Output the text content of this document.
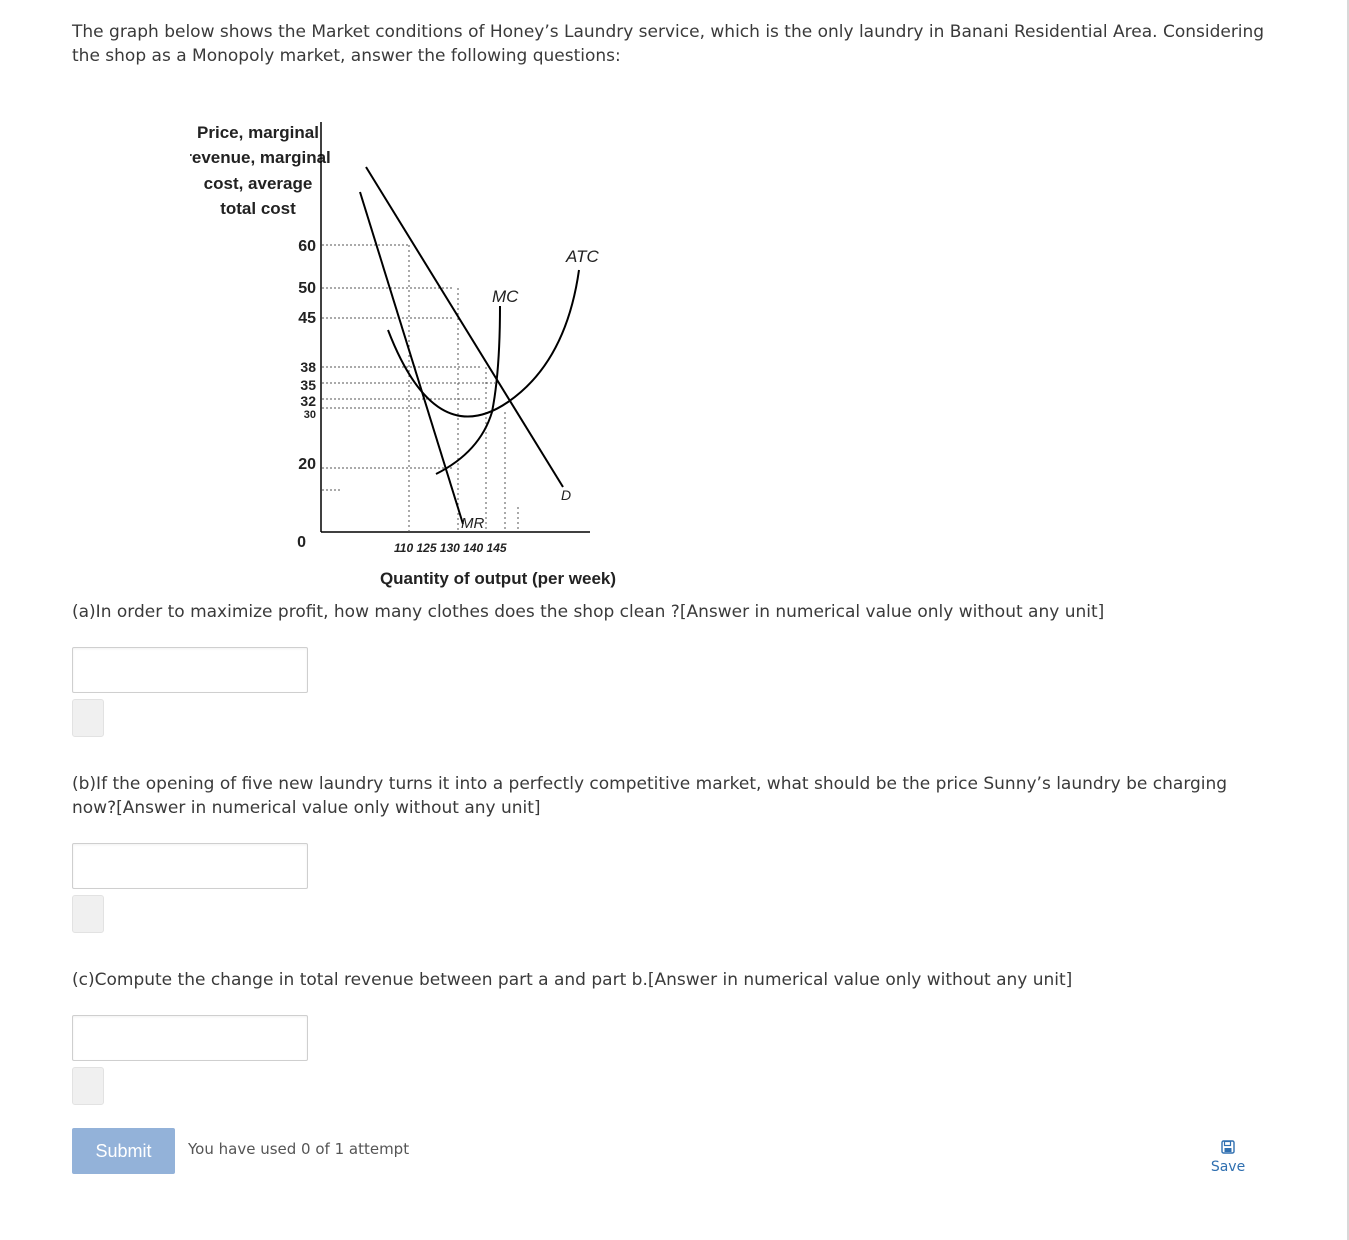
The graph below shows the Market conditions of Honey’s Laundry service, which is the only laundry in Banani Residential Area. Considering the shop as a Monopoly market, answer the following questions:
Price, marginal
revenue, marginal
cost, average
total cost
60
50
45
38
35
32
30
20
0
ATC
MC
MR
D
110 125 130 140 145
Quantity of output (per week)
(a)In order to maximize profit, how many clothes does the shop clean ?[Answer in numerical value only without any unit]
(b)If the opening of five new laundry turns it into a perfectly competitive market, what should be the price Sunny’s laundry be charging now?[Answer in numerical value only without any unit]
(c)Compute the change in total revenue between part a and part b.[Answer in numerical value only without any unit]
Submit	You have used 0 of 1 attempt
Save
